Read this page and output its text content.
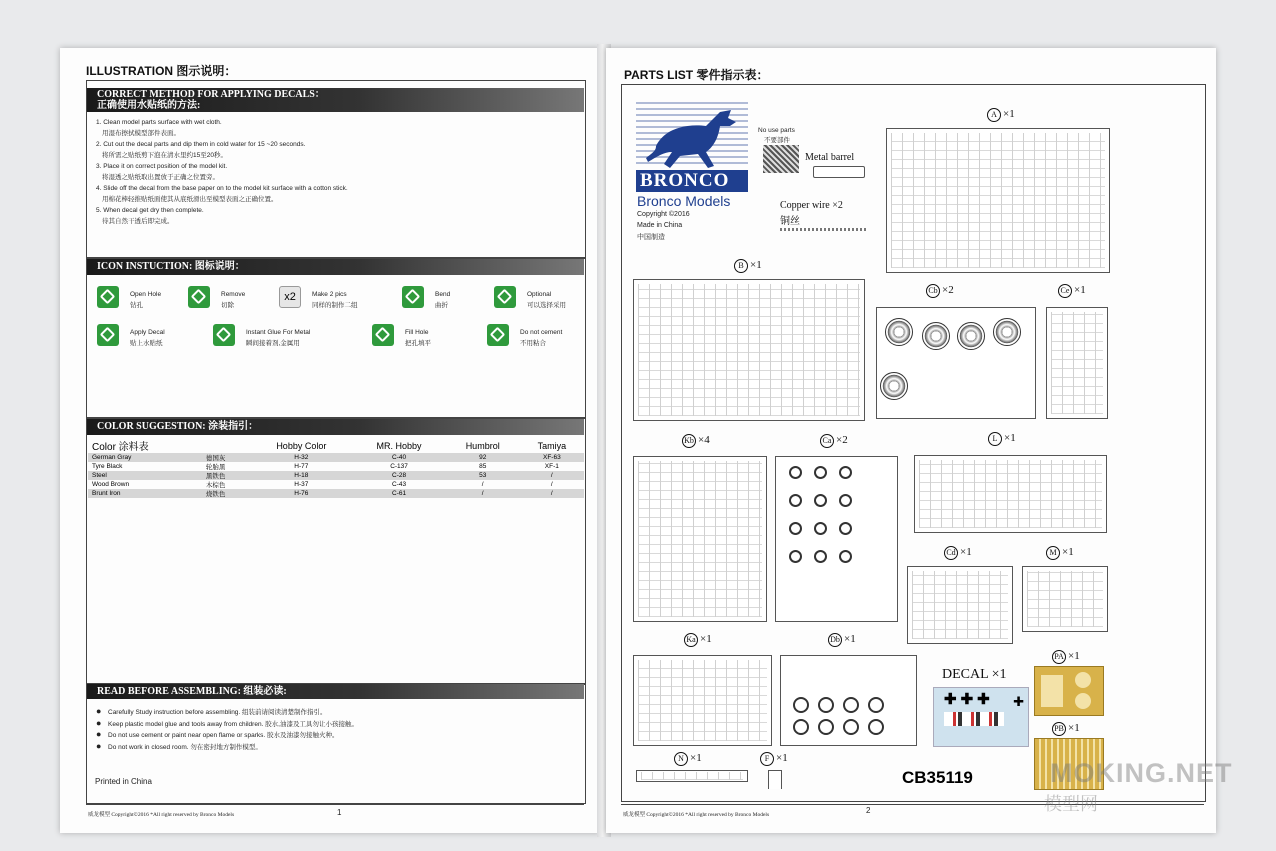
ILLUSTRATION 图示说明：
CORRECT METHOD FOR APPLYING DECALS：
正确使用水贴纸的方法:
1. Clean model parts surface with wet cloth.
用湿布擦拭模型部件表面。
2. Cut out the decal parts and dip them in cold water for 15 ~20 seconds.
将所需之贴纸剪下泡在清水里约15至20秒。
3. Place it on correct position of the model kit.
将湿透之贴纸取出置放于正确之位置旁。
4. Slide off the decal from the base paper on to the model kit surface with a cotton stick.
用棉花棒轻推贴纸面使其从底纸滑出至模型表面之正确位置。
5. When decal get dry then complete.
待其自然干透后即完成。
ICON INSTUCTION: 图标说明：
Open Hole
钻孔
Remove
切除
x2	Make 2 pics
同样的制作二组
Bend
曲折
Optional
可以选择采用
Apply Decal
贴上水贴纸
Instant Glue For Metal
瞬间接着剂,金属用
Fill Hole
把孔填平
Do not cement
不用粘合
COLOR SUGGESTION: 涂装指引：
Color 涂料表		Hobby Color	MR. Hobby	Humbrol	Tamiya
German Gray	德国灰	H-32	C-40	92	XF-63
Tyre Black	轮胎黑	H-77	C-137	85	XF-1
Steel	黑铁色	H-18	C-28	53	/
Wood Brown	木棕色	H-37	C-43	/	/
Brunt Iron	烧铁色	H-76	C-61	/	/
READ BEFORE ASSEMBLING: 组装必读:
● Carefully Study instruction before assembling. 组装前请阅读清楚制作指引。
● Keep plastic model glue and tools away from children. 胶水,油漆及工具勿让小孩接触。
● Do not use cement or paint near open flame or sparks. 胶水及油漆勿接触火种。
● Do not work in closed room. 勿在密封地方制作模型。
Printed in China
威龙模型 Copyright©2016 *All right reserved by Bronco Models	1
PARTS LIST 零件指示表：
BRONCO
Bronco Models
Copyright ©2016
Made in China
中国制造
No use parts
不要部件
Metal barrel
Copper wire ×2
铜丝
✚✚✚ ✚
DECAL ×1
A ×1
B ×1
Cb ×2	Ce ×1
Kb ×4	Ca ×2	L ×1
Cd ×1	M ×1
Ka ×1	Db ×1
PA ×1
PB ×1
N ×1	F ×1
CB35119
威龙模型 Copyright©2016 *All right reserved by Bronco Models	2
MOKING.NET
模型网
